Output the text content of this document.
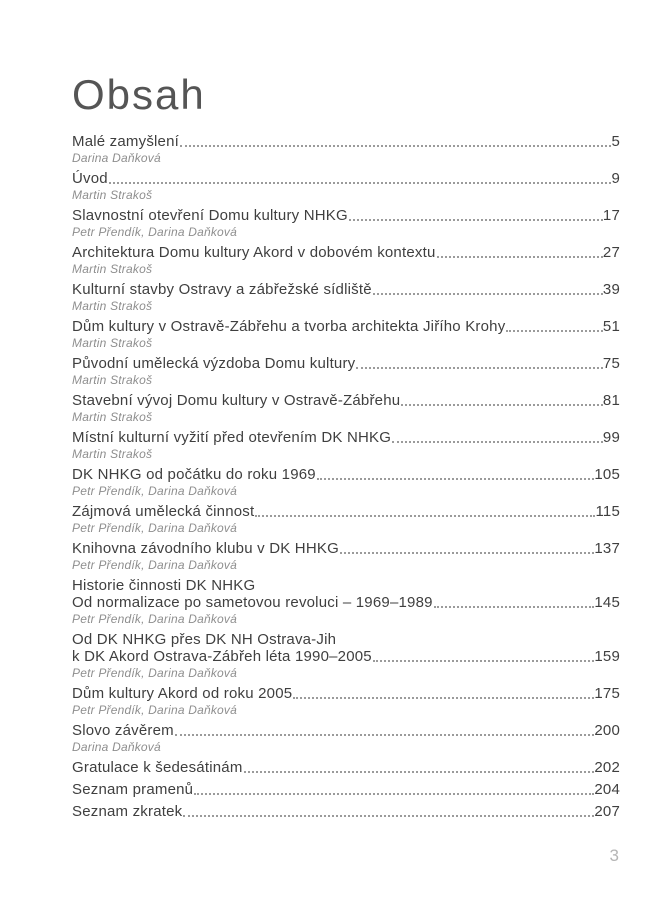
Obsah
Malé zamyšlení	5
Darina Daňková
Úvod	9
Martin Strakoš
Slavnostní otevření Domu kultury NHKG	17
Petr Přendík, Darina Daňková
Architektura Domu kultury Akord v dobovém kontextu	27
Martin Strakoš
Kulturní stavby Ostravy a zábřežské sídliště	39
Martin Strakoš
Dům kultury v Ostravě-Zábřehu a tvorba architekta Jiřího Krohy	51
Martin Strakoš
Původní umělecká výzdoba Domu kultury	75
Martin Strakoš
Stavební vývoj Domu kultury v Ostravě-Zábřehu	81
Martin Strakoš
Místní kulturní vyžití před otevřením DK NHKG	99
Martin Strakoš
DK NHKG od počátku do roku 1969	105
Petr Přendík, Darina Daňková
Zájmová umělecká činnost	115
Petr Přendík, Darina Daňková
Knihovna závodního klubu v DK HHKG	137
Petr Přendík, Darina Daňková
Historie činnosti DK NHKG
Od normalizace po sametovou revoluci – 1969–1989	145
Petr Přendík, Darina Daňková
Od DK NHKG přes DK NH Ostrava-Jih
k DK Akord Ostrava-Zábřeh léta 1990–2005	159
Petr Přendík, Darina Daňková
Dům kultury Akord od roku 2005	175
Petr Přendík, Darina Daňková
Slovo závěrem	200
Darina Daňková
Gratulace k šedesátinám	202
Seznam pramenů	204
Seznam zkratek	207
3
